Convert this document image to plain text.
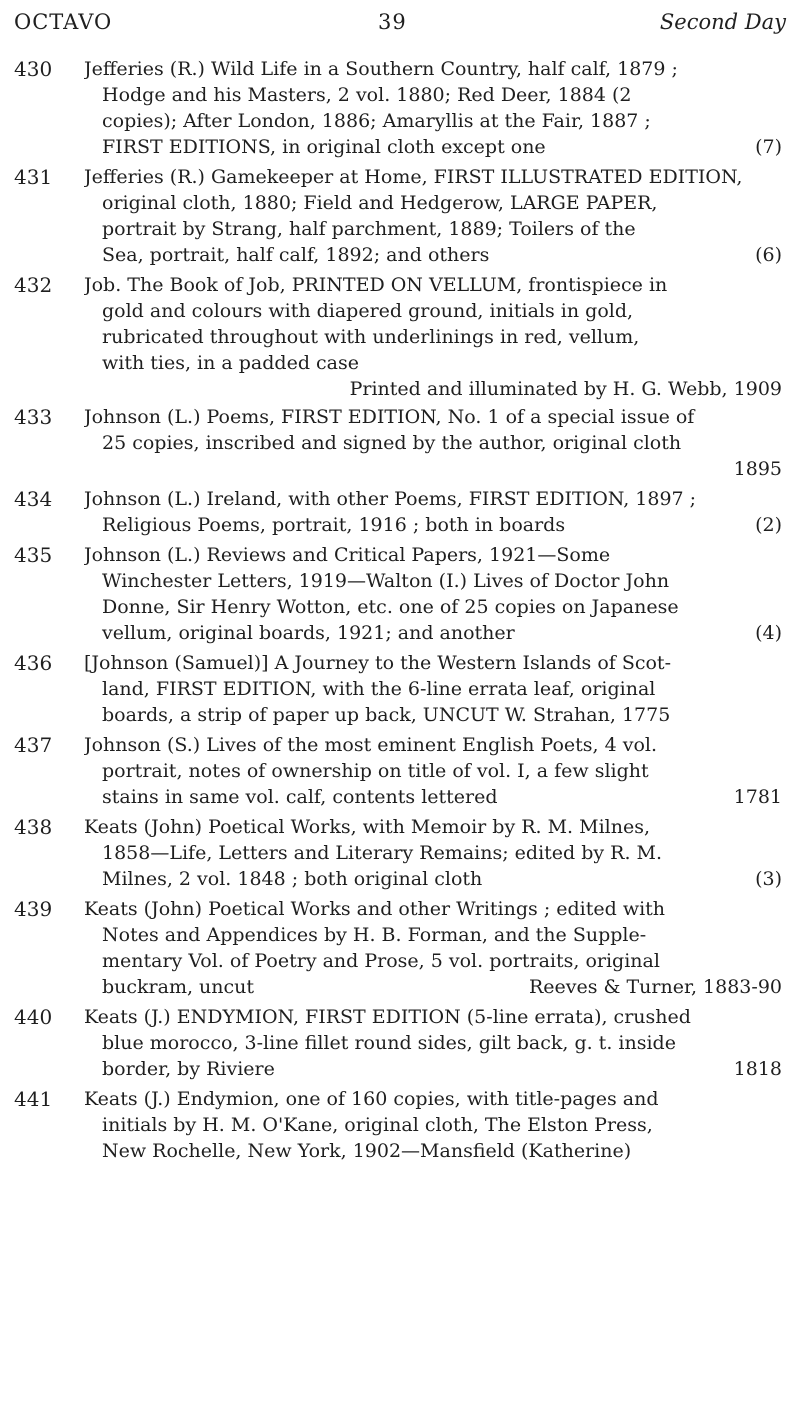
OCTAVO	39	Second Day
430 Jefferies (R.) Wild Life in a Southern Country, half calf, 1879 ;
Hodge and his Masters, 2 vol. 1880; Red Deer, 1884 (2
copies); After London, 1886; Amaryllis at the Fair, 1887 ;
FIRST EDITIONS, in original cloth except one	(7)
431 Jefferies (R.) Gamekeeper at Home, FIRST ILLUSTRATED EDITION,
original cloth, 1880; Field and Hedgerow, LARGE PAPER,
portrait by Strang, half parchment, 1889; Toilers of the
Sea, portrait, half calf, 1892; and others	(6)
432 Job. The Book of Job, PRINTED ON VELLUM, frontispiece in
gold and colours with diapered ground, initials in gold,
rubricated throughout with underlinings in red, vellum,
with ties, in a padded case
Printed and illuminated by H. G. Webb, 1909
433 Johnson (L.) Poems, FIRST EDITION, No. 1 of a special issue of
25 copies, inscribed and signed by the author, original cloth
1895
434 Johnson (L.) Ireland, with other Poems, FIRST EDITION, 1897 ;
Religious Poems, portrait, 1916 ; both in boards	(2)
435 Johnson (L.) Reviews and Critical Papers, 1921—Some
Winchester Letters, 1919—Walton (I.) Lives of Doctor John
Donne, Sir Henry Wotton, etc. one of 25 copies on Japanese
vellum, original boards, 1921; and another	(4)
436 [Johnson (Samuel)] A Journey to the Western Islands of Scot-
land, FIRST EDITION, with the 6-line errata leaf, original
boards, a strip of paper up back, UNCUT W. Strahan, 1775
437 Johnson (S.) Lives of the most eminent English Poets, 4 vol.
portrait, notes of ownership on title of vol. I, a few slight
stains in same vol. calf, contents lettered	1781
438 Keats (John) Poetical Works, with Memoir by R. M. Milnes,
1858—Life, Letters and Literary Remains; edited by R. M.
Milnes, 2 vol. 1848 ; both original cloth	(3)
439 Keats (John) Poetical Works and other Writings ; edited with
Notes and Appendices by H. B. Forman, and the Supple-
mentary Vol. of Poetry and Prose, 5 vol. portraits, original
buckram, uncut	Reeves & Turner, 1883-90
440 Keats (J.) ENDYMION, FIRST EDITION (5-line errata), crushed
blue morocco, 3-line fillet round sides, gilt back, g. t. inside
border, by Riviere	1818
441 Keats (J.) Endymion, one of 160 copies, with title-pages and
initials by H. M. O'Kane, original cloth, The Elston Press,
New Rochelle, New York, 1902—Mansfield (Katherine)
